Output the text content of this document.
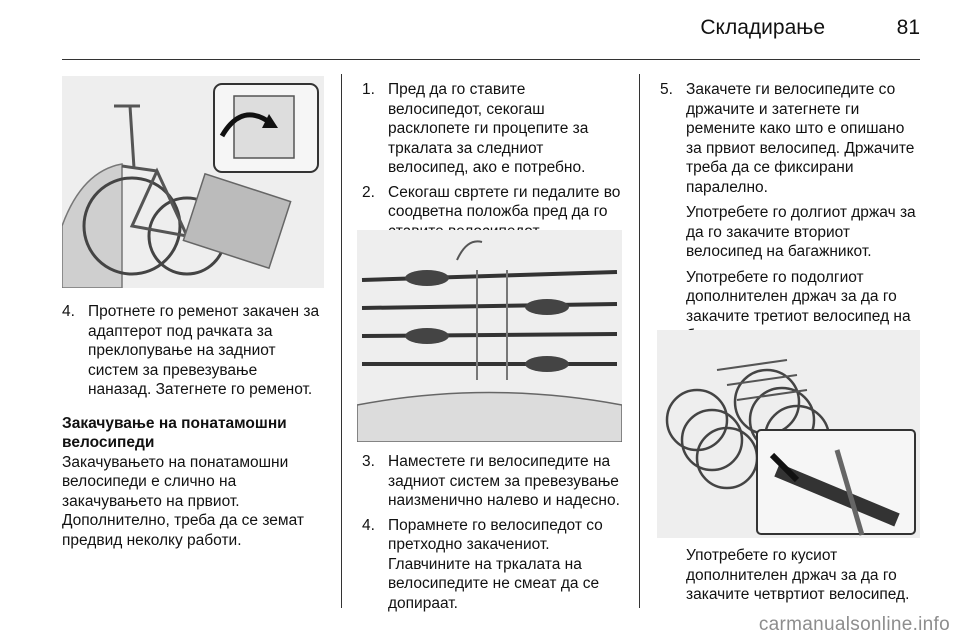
Складирање	81
4. Протнете го ременот закачен за
адаптерот под рачката за
преклопување на задниот
систем за превезување
наназад. Затегнете го ременот.
Закачување на понатамошни
велосипеди
Закачувањето на понатамошни
велосипеди е слично на
закачувањето на првиот.
Дополнително, треба да се земат
предвид неколку работи.
1. Пред да го ставите
велосипедот, секогаш
расклопете ги процепите за
тркалата за следниот
велосипед, ако е потребно.
2. Секогаш свртете ги педалите во
соодветна положба пред да го
3. Наместете ги велосипедите на
задниот систем за превезување
наизменично налево и надесно.
4. Порамнете го велосипедот со
претходно закачениот.
Главчините на тркалата на
велосипедите не смеат да се
допираат.
5. Закачете ги велосипедите со
држачите и затегнете ги
ремените како што е опишано
за првиот велосипед. Држачите
треба да се фиксирани
паралелно.
Употребете го долгиот држач за
да го закачите вториот
велосипед на багажникот.
Употребете го подолгиот
дополнителен држач за да го
закачите третиот велосипед на
Употребете го кусиот
дополнителен држач за да го
закачите четвртиот велосипед.
carmanualsonline.info
